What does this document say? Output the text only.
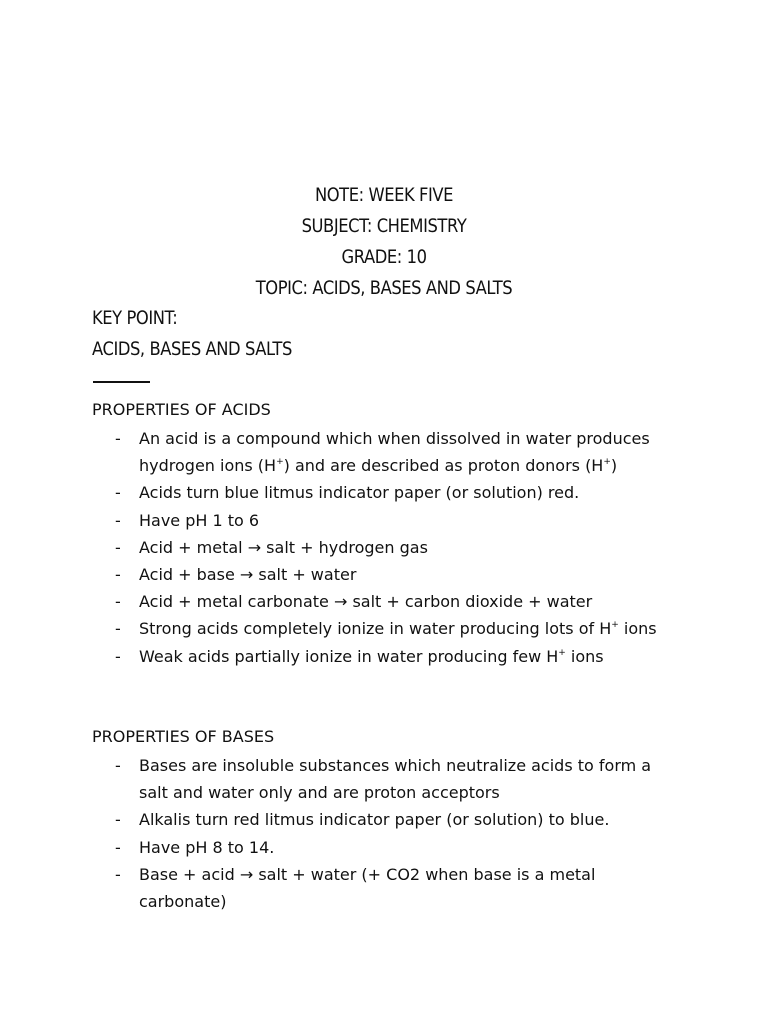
NOTE: WEEK FIVE
SUBJECT: CHEMISTRY
GRADE: 10
TOPIC: ACIDS, BASES AND SALTS
KEY POINT:
ACIDS, BASES AND SALTS
PROPERTIES OF ACIDS
- An acid is a compound which when dissolved in water produces hydrogen ions (H+) and are described as proton donors (H+)
- Acids turn blue litmus indicator paper (or solution) red.
- Have pH 1 to 6
- Acid + metal → salt + hydrogen gas
- Acid + base → salt + water
- Acid + metal carbonate → salt + carbon dioxide + water
- Strong acids completely ionize in water producing lots of H+ ions
- Weak acids partially ionize in water producing few H+ ions
PROPERTIES OF BASES
- Bases are insoluble substances which neutralize acids to form a salt and water only and are proton acceptors
- Alkalis turn red litmus indicator paper (or solution) to blue.
- Have pH 8 to 14.
- Base + acid → salt + water (+ CO2 when base is a metal carbonate)
